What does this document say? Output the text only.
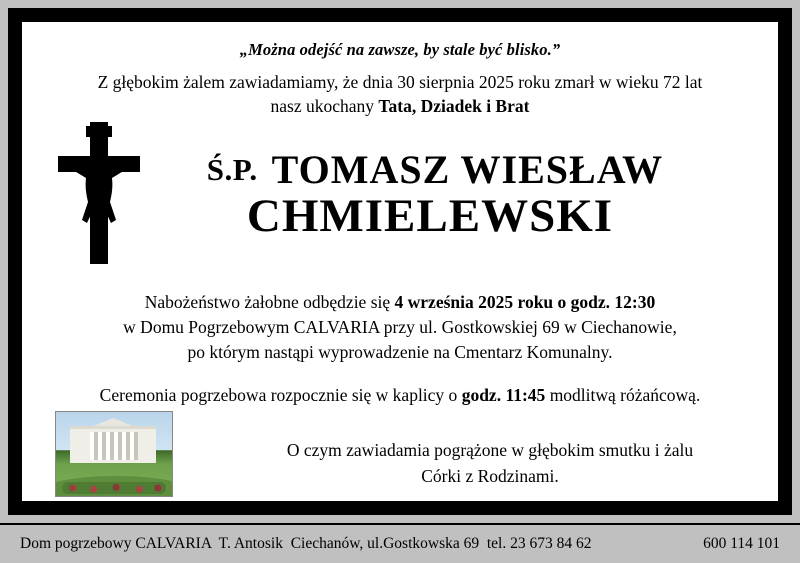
„Można odejść na zawsze, by stale być blisko.”
Z głębokim żalem zawiadamiamy, że dnia 30 sierpnia 2025 roku zmarł w wieku 72 lat
nasz ukochany Tata, Dziadek i Brat
Ś.P. TOMASZ WIESŁAW
CHMIELEWSKI
Nabożeństwo żałobne odbędzie się 4 września 2025 roku o godz. 12:30
w Domu Pogrzebowym CALVARIA przy ul. Gostkowskiej 69 w Ciechanowie,
po którym nastąpi wyprowadzenie na Cmentarz Komunalny.
Ceremonia pogrzebowa rozpocznie się w kaplicy o godz. 11:45 modlitwą różańcową.
O czym zawiadamia pogrążone w głębokim smutku i żalu
Córki z Rodzinami.
Dom pogrzebowy CALVARIA  T. Antosik  Ciechanów, ul.Gostkowska 69  tel. 23 673 84 62	600 114 101
